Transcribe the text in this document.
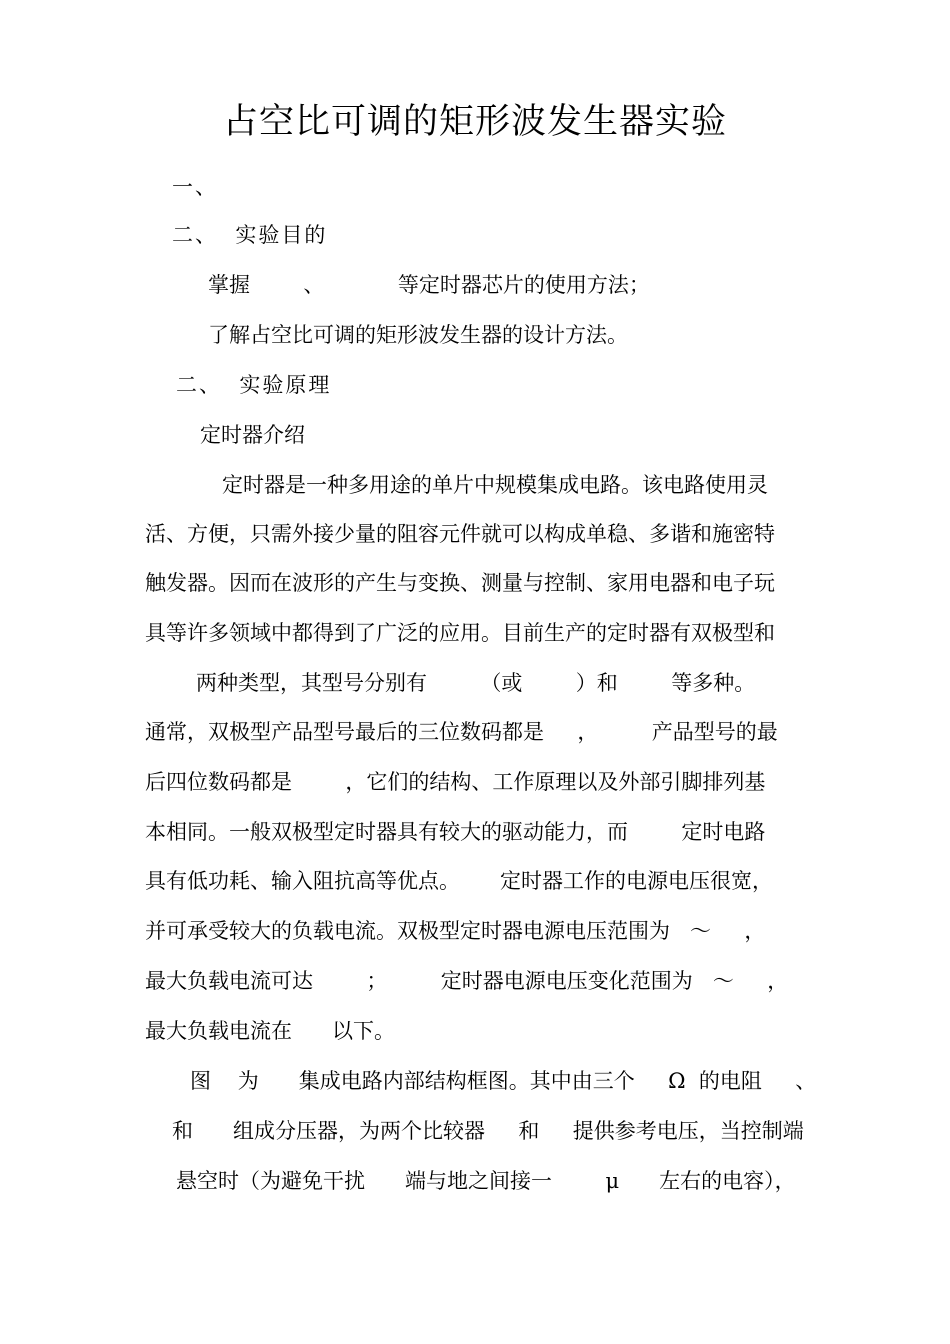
占空比可调的矩形波发生器实验
一、
二、  实验目的
掌握        、           等定时器芯片的使用方法；
了解占空比可调的矩形波发生器的设计方法。
二、  实验原理
定时器介绍
定时器是一种多用途的单片中规模集成电路。该电路使用灵
活、方便，只需外接少量的阻容元件就可以构成单稳、多谐和施密特
触发器。因而在波形的产生与变换、测量与控制、家用电器和电子玩
具等许多领域中都得到了广泛的应用。目前生产的定时器有双极型和
两种类型，其型号分别有        （或        ）和        等多种。
通常，双极型产品型号最后的三位数码都是     ，        产品型号的最
后四位数码都是        ，它们的结构、工作原理以及外部引脚排列基
本相同。一般双极型定时器具有较大的驱动能力，而        定时电路
具有低功耗、输入阻抗高等优点。      定时器工作的电源电压很宽，
并可承受较大的负载电流。双极型定时器电源电压范围为   ～     ，
最大负载电流可达        ；        定时器电源电压变化范围为   ～     ，
最大负载电流在      以下。
图    为      集成电路内部结构框图。其中由三个     Ω  的电阻     、
和      组成分压器，为两个比较器     和     提供参考电压，当控制端
悬空时（为避免干扰      端与地之间接一        μ      左右的电容），
